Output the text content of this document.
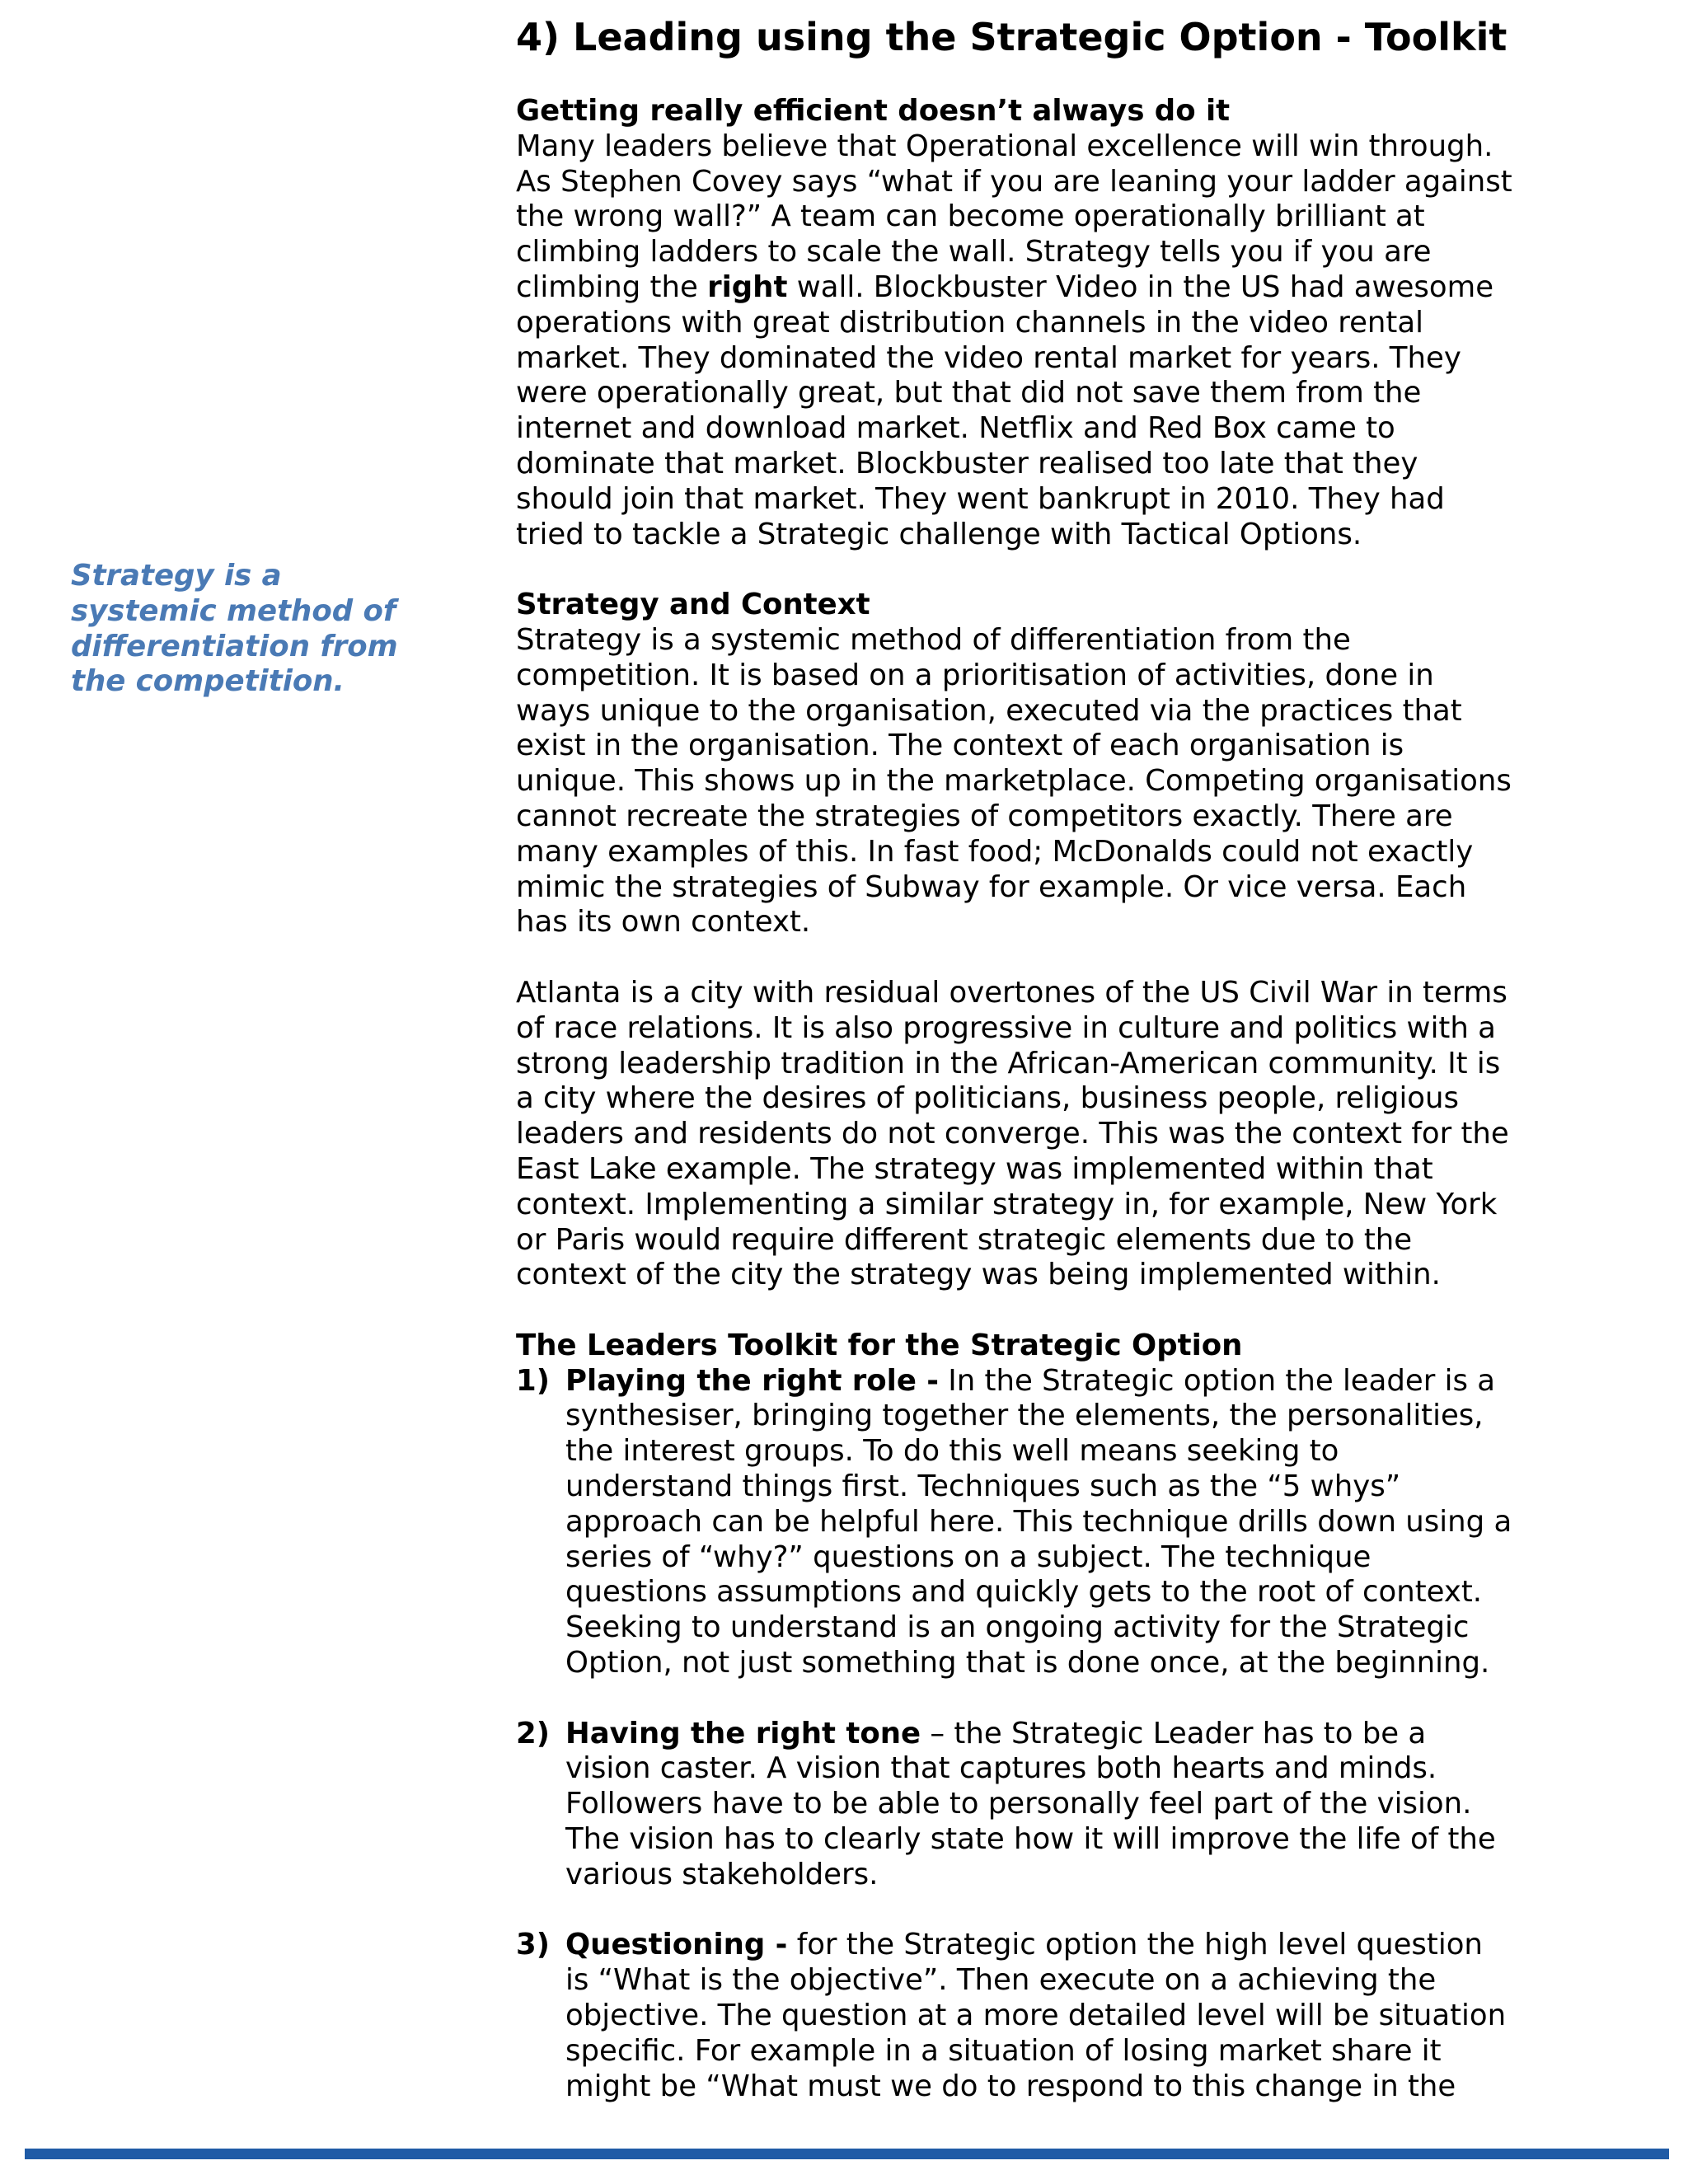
4) Leading using the Strategic Option - Toolkit
Getting really efficient doesn’t always do it

Many leaders believe that Operational excellence will win through. As Stephen Covey says “what if you are leaning your ladder against the wrong wall?” A team can become operationally brilliant at climbing ladders to scale the wall. Strategy tells you if you are climbing the right wall. Blockbuster Video in the US had awesome operations with great distribution channels in the video rental market. They dominated the video rental market for years. They were operationally great, but that did not save them from the internet and download market. Netflix and Red Box came to dominate that market. Blockbuster realised too late that they should join that market. They went bankrupt in 2010. They had tried to tackle a Strategic challenge with Tactical Options.

Strategy and Context

Strategy is a systemic method of differentiation from the competition. It is based on a prioritisation of activities, done in ways unique to the organisation, executed via the practices that exist in the organisation. The context of each organisation is unique. This shows up in the marketplace. Competing organisations cannot recreate the strategies of competitors exactly. There are many examples of this. In fast food; McDonalds could not exactly mimic the strategies of Subway for example. Or vice versa. Each has its own context.

Atlanta is a city with residual overtones of the US Civil War in terms of race relations. It is also progressive in culture and politics with a strong leadership tradition in the African-American community. It is a city where the desires of politicians, business people, religious leaders and residents do not converge. This was the context for the East Lake example. The strategy was implemented within that context. Implementing a similar strategy in, for example, New York or Paris would require different strategic elements due to the context of the city the strategy was being implemented within.

The Leaders Toolkit for the Strategic Option
1) Playing the right role - In the Strategic option the leader is a synthesiser, bringing together the elements, the personalities, the interest groups. To do this well means seeking to understand things first. Techniques such as the “5 whys” approach can be helpful here. This technique drills down using a series of “why?” questions on a subject. The technique questions assumptions and quickly gets to the root of context. Seeking to understand is an ongoing activity for the Strategic Option, not just something that is done once, at the beginning.
2) Having the right tone – the Strategic Leader has to be a vision caster. A vision that captures both hearts and minds. Followers have to be able to personally feel part of the vision. The vision has to clearly state how it will improve the life of the various stakeholders.
3) Questioning - for the Strategic option the high level question is “What is the objective”. Then execute on a achieving the objective. The question at a more detailed level will be situation specific. For example in a situation of losing market share it might be “What must we do to respond to this change in the
Strategy is a systemic method of differentiation from the competition.
